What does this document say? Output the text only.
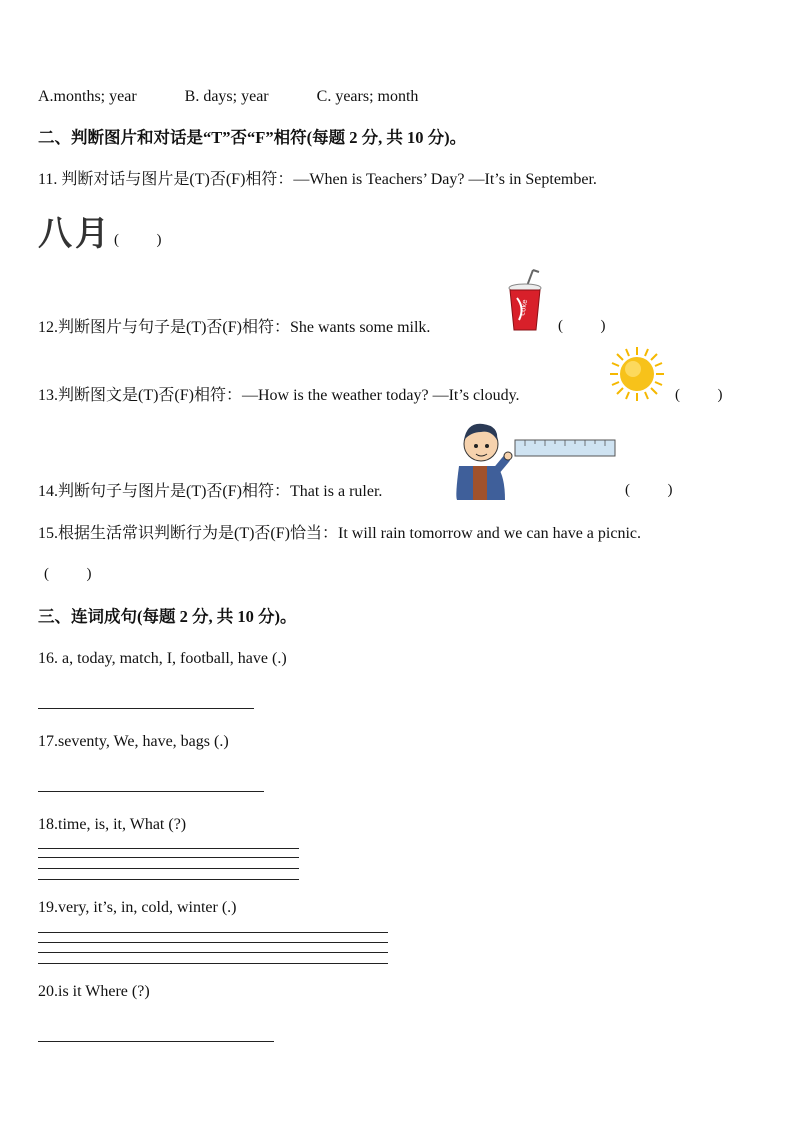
A.months; year	B. days; year	C. years; month
二、判断图片和对话是“T”否“F”相符(每题 2 分, 共 10 分)。
11. 判断对话与图片是(T)否(F)相符：—When is Teachers’ Day? —It’s in September.
八月 (          )
12.判断图片与句子是(T)否(F)相符：She wants some milk.
coke
(          )
13.判断图文是(T)否(F)相符：—How is the weather today? —It’s cloudy.	(          )
14.判断句子与图片是(T)否(F)相符：That is a ruler.	(          )
15.根据生活常识判断行为是(T)否(F)恰当：It will rain tomorrow and we can have a picnic.
(          )
三、连词成句(每题 2 分, 共 10 分)。
16. a, today, match, I, football, have (.)
17.seventy, We, have, bags (.)
18.time, is, it, What (?)
19.very, it’s, in, cold, winter (.)
20.is it Where (?)
